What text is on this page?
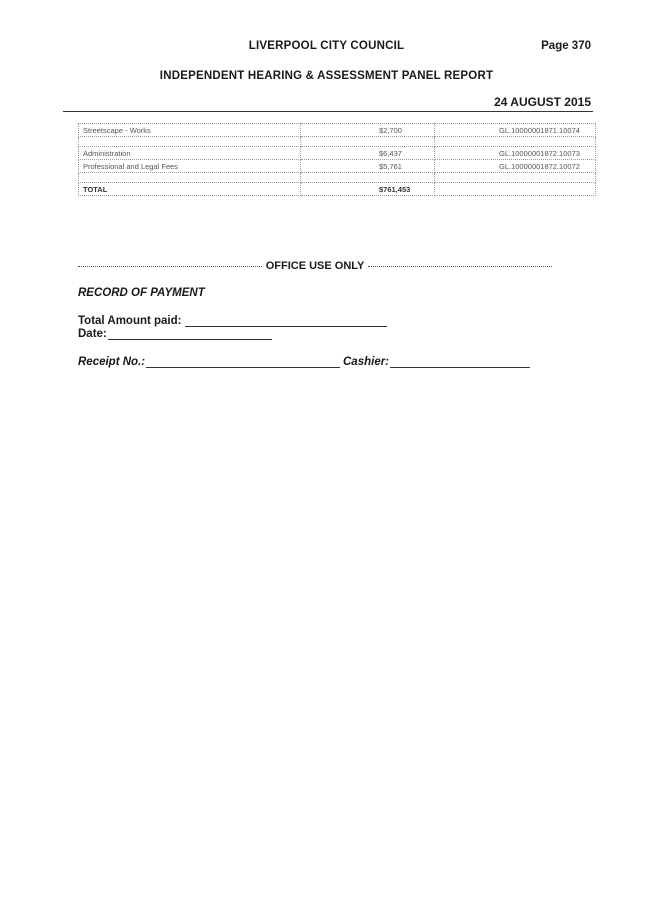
LIVERPOOL CITY COUNCIL	Page 370
INDEPENDENT HEARING & ASSESSMENT PANEL REPORT
24 AUGUST 2015
Streetscape - Works	$2,700	GL.10000001871.10074

Administration	$6,437	GL.10000001872.10073
Professional and Legal Fees	$5,761	GL.10000001872.10072

TOTAL	$761,453	
OFFICE USE ONLY
RECORD OF PAYMENT
Total Amount paid:
Date:
Receipt No.:	Cashier:
